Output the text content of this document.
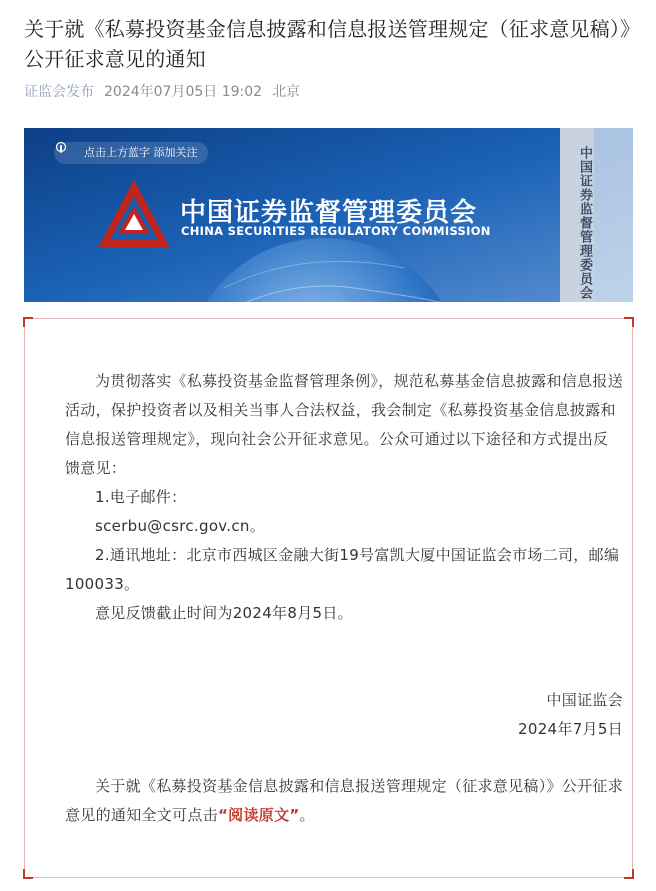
关于就《私募投资基金信息披露和信息报送管理规定（征求意见稿）》公开征求意见的通知
证监会发布 2024年07月05日 19:02 北京
点击上方蓝字 添加关注
中国证券监督管理委员会
CHINA SECURITIES REGULATORY COMMISSION	中国证券监督管理委员会

为贯彻落实《私募投资基金监督管理条例》，规范私募基金信息披露和信息报送活动，保护投资者以及相关当事人合法权益，我会制定《私募投资基金信息披露和信息报送管理规定》，现向社会公开征求意见。公众可通过以下途径和方式提出反馈意见：

1.电子邮件：

scerbu@csrc.gov.cn。

2.通讯地址：北京市西城区金融大街19号富凯大厦中国证监会市场二司，邮编100033。

意见反馈截止时间为2024年8月5日。

中国证监会

2024年7月5日

关于就《私募投资基金信息披露和信息报送管理规定（征求意见稿）》公开征求意见的通知全文可点击“阅读原文”。
